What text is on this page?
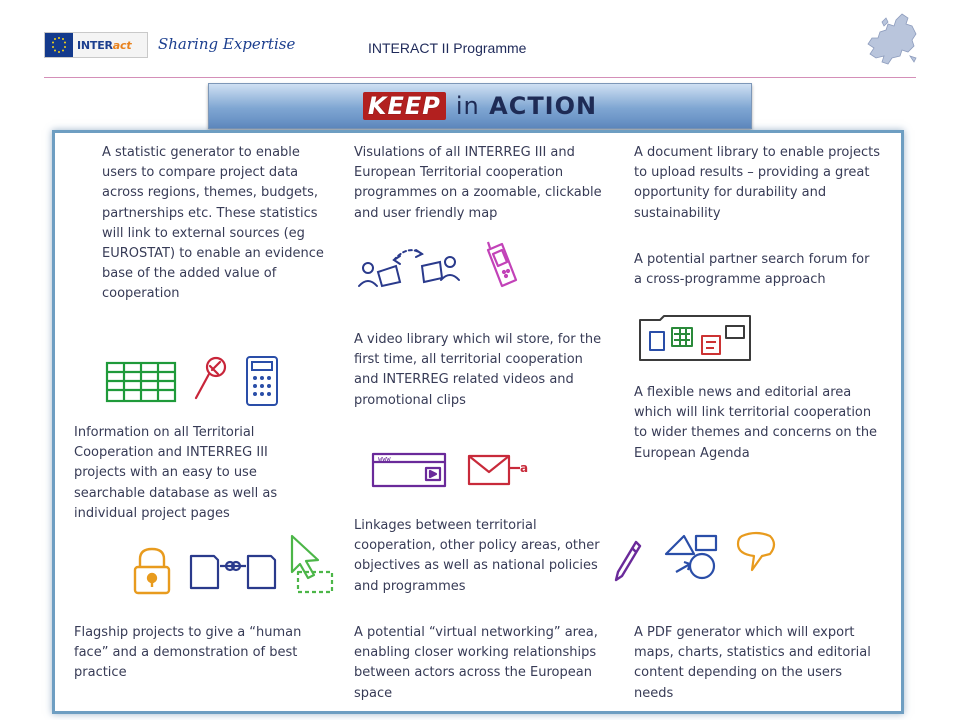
INTER act Sharing Expertise	INTERACT II Programme
KEEP in ACTION
A statistic generator to enable users to compare project data across regions, themes, budgets, partnerships etc. These statistics will link to external sources (eg EUROSTAT) to enable an evidence base of the added value of cooperation
Information on all Territorial Cooperation and INTERREG III projects with an easy to use searchable database as well as individual project pages
Flagship projects to give a “human face” and a demonstration of best practice
Visulations of all INTERREG III and European Territorial cooperation programmes on a zoomable, clickable and user friendly map
A video library which wil store, for the first time, all territorial cooperation and INTERREG related videos and promotional clips
Linkages between territorial cooperation, other policy areas, other objectives as well as national policies and programmes
A potential “virtual networking” area, enabling closer working relationships between actors across the European space
A document library to enable projects to upload results – providing a great opportunity for durability and sustainability
A potential partner search forum for a cross-programme approach
A flexible news and editorial area which will link territorial cooperation to wider themes and concerns on the European Agenda
A PDF generator which will export maps, charts, statistics and editorial content depending on the users needs
www
a
